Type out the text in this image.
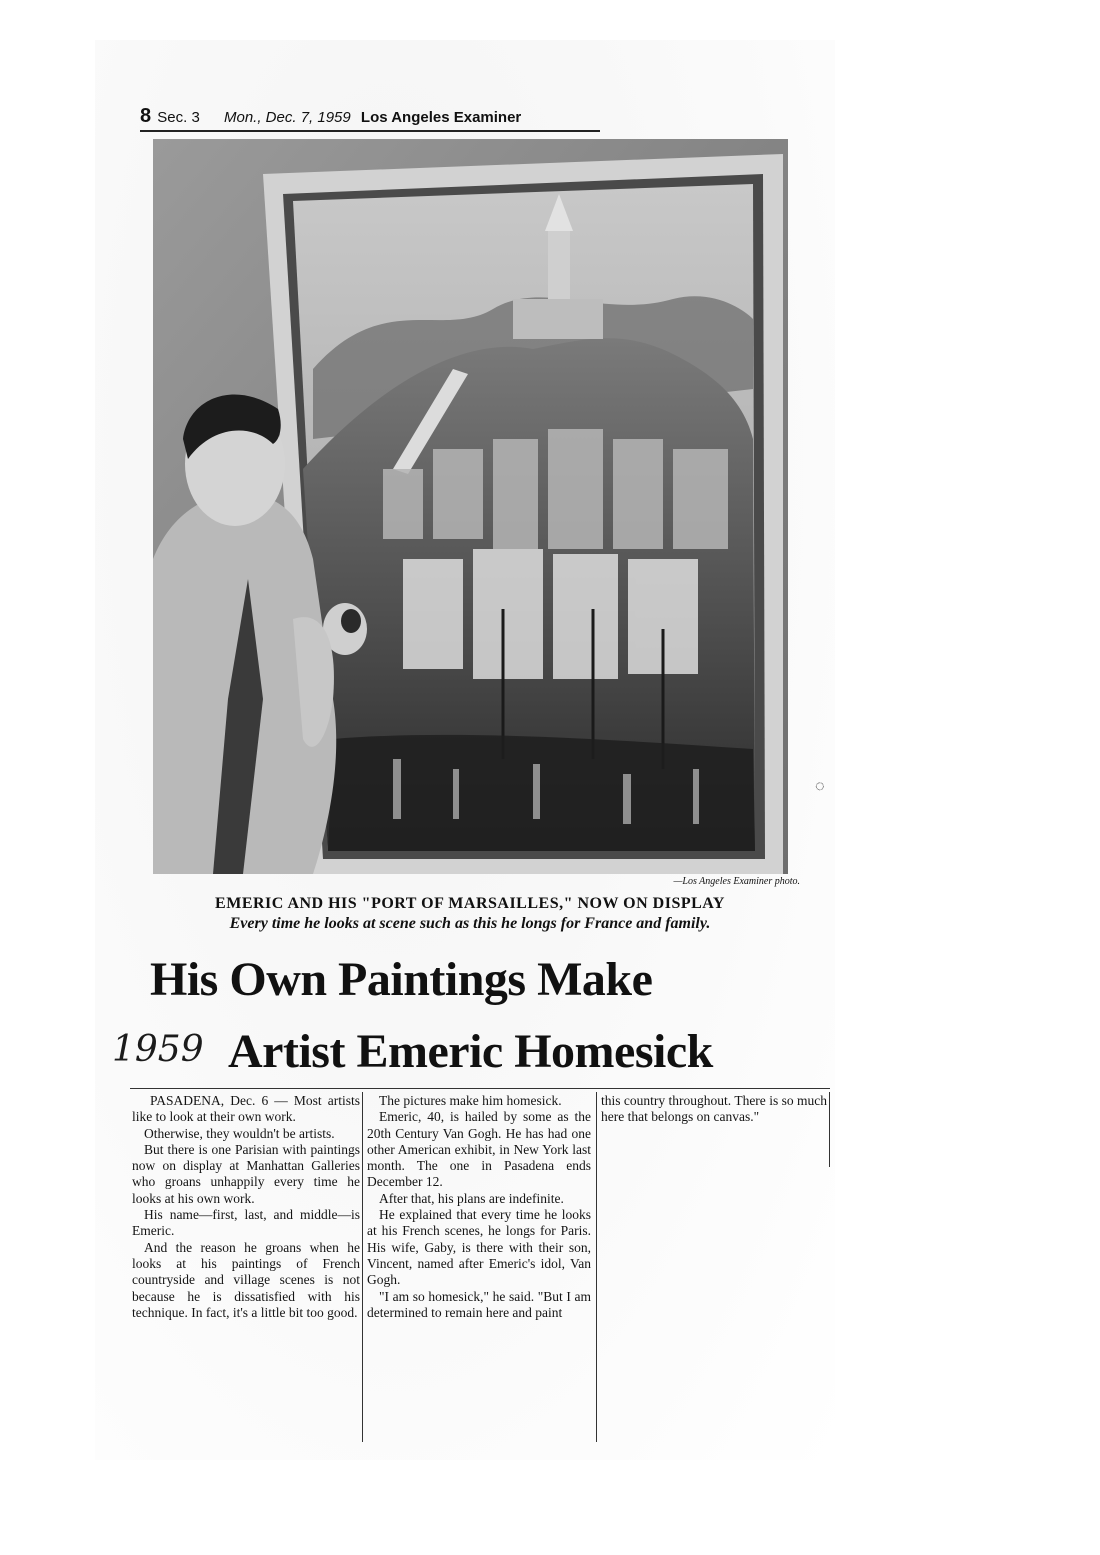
8 Sec. 3 Mon., Dec. 7, 1959 Los Angeles Examiner
—Los Angeles Examiner photo.
EMERIC AND HIS "PORT OF MARSAILLES," NOW ON DISPLAY
Every time he looks at scene such as this he longs for France and family.
His Own Paintings Make
1959 Artist Emeric Homesick

PASADENA, Dec. 6 — Most artists like to look at their own work.

Otherwise, they wouldn't be artists.

But there is one Parisian with paintings now on display at Manhattan Galleries who groans unhappily every time he looks at his own work.

His name—first, last, and middle—is Emeric.

And the reason he groans when he looks at his paintings of French countryside and village scenes is not because he is dissatisfied with his technique. In fact, it's a little bit too good.

The pictures make him homesick.

Emeric, 40, is hailed by some as the 20th Century Van Gogh. He has had one other American exhibit, in New York last month. The one in Pasadena ends December 12.

After that, his plans are indefinite.

He explained that every time he looks at his French scenes, he longs for Paris. His wife, Gaby, is there with their son, Vincent, named after Emeric's idol, Van Gogh.

"I am so homesick," he said. "But I am determined to remain here and paint

this country throughout. There is so much here that belongs on canvas."

◌
